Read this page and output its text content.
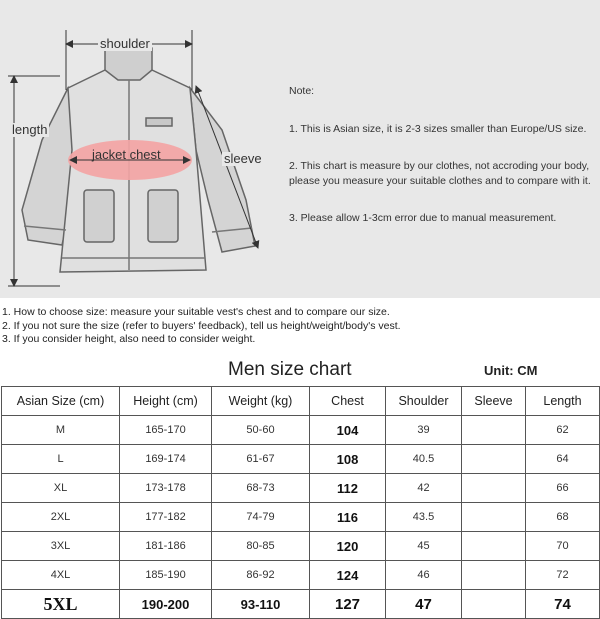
shoulder
length
jacket chest	sleeve
Note:
1. This is Asian size, it is 2-3 sizes smaller than Europe/US size.
2. This chart is measure by our clothes, not accroding your body, please you measure your suitable clothes and to compare with it.
3. Please allow 1-3cm error due to manual measurement.
1. How to choose size: measure your suitable vest's chest and to compare our size.
2. If you not sure the size (refer to buyers' feedback), tell us height/weight/body's vest.
3. If you consider height, also need to consider weight.
Men size chart	Unit: CM
Asian Size (cm)	Height (cm)	Weight (kg)	Chest	Shoulder	Sleeve	Length
M	165-170	50-60	104	39		62
L	169-174	61-67	108	40.5		64
XL	173-178	68-73	112	42		66
2XL	177-182	74-79	116	43.5		68
3XL	181-186	80-85	120	45		70
4XL	185-190	86-92	124	46		72
5XL	190-200	93-110	127	47		74
